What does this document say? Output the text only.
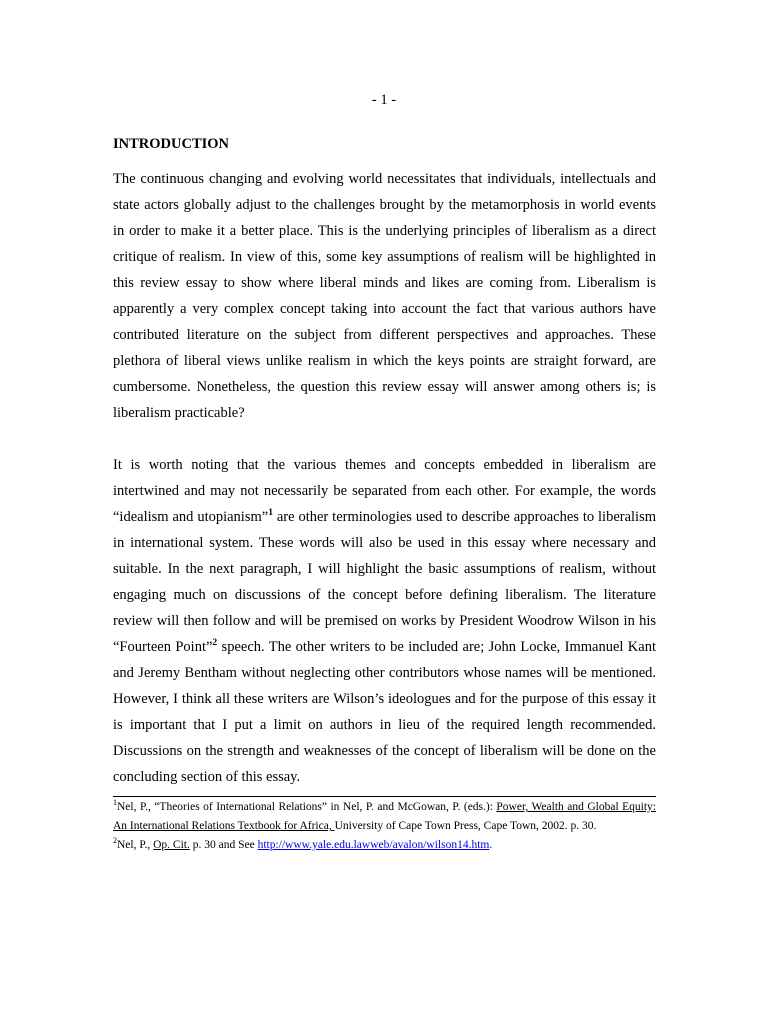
- 1 -
INTRODUCTION

The continuous changing and evolving world necessitates that individuals, intellectuals and state actors globally adjust to the challenges brought by the metamorphosis in world events in order to make it a better place. This is the underlying principles of liberalism as a direct critique of realism. In view of this, some key assumptions of realism will be highlighted in this review essay to show where liberal minds and likes are coming from. Liberalism is apparently a very complex concept taking into account the fact that various authors have contributed literature on the subject from different perspectives and approaches. These plethora of liberal views unlike realism in which the keys points are straight forward, are cumbersome. Nonetheless, the question this review essay will answer among others is; is liberalism practicable?

It is worth noting that the various themes and concepts embedded in liberalism are intertwined and may not necessarily be separated from each other. For example, the words “idealism and utopianism”$^1$ are other terminologies used to describe approaches to liberalism in international system. These words will also be used in this essay where necessary and suitable. In the next paragraph, I will highlight the basic assumptions of realism, without engaging much on discussions of the concept before defining liberalism. The literature review will then follow and will be premised on works by President Woodrow Wilson in his “Fourteen Point”$^2$ speech. The other writers to be included are; John Locke, Immanuel Kant and Jeremy Bentham without neglecting other contributors whose names will be mentioned. However, I think all these writers are Wilson’s ideologues and for the purpose of this essay it is important that I put a limit on authors in lieu of the required length recommended. Discussions on the strength and weaknesses of the concept of liberalism will be done on the concluding section of this essay.

$^1$Nel, P., “Theories of International Relations” in Nel, P. and McGowan, P. (eds.): Power, Wealth and Global Equity: An International Relations Textbook for Africa, University of Cape Town Press, Cape Town, 2002. p. 30.

$^2$Nel, P., Op. Cit. p. 30 and See http://www.yale.edu.lawweb/avalon/wilson14.htm.
